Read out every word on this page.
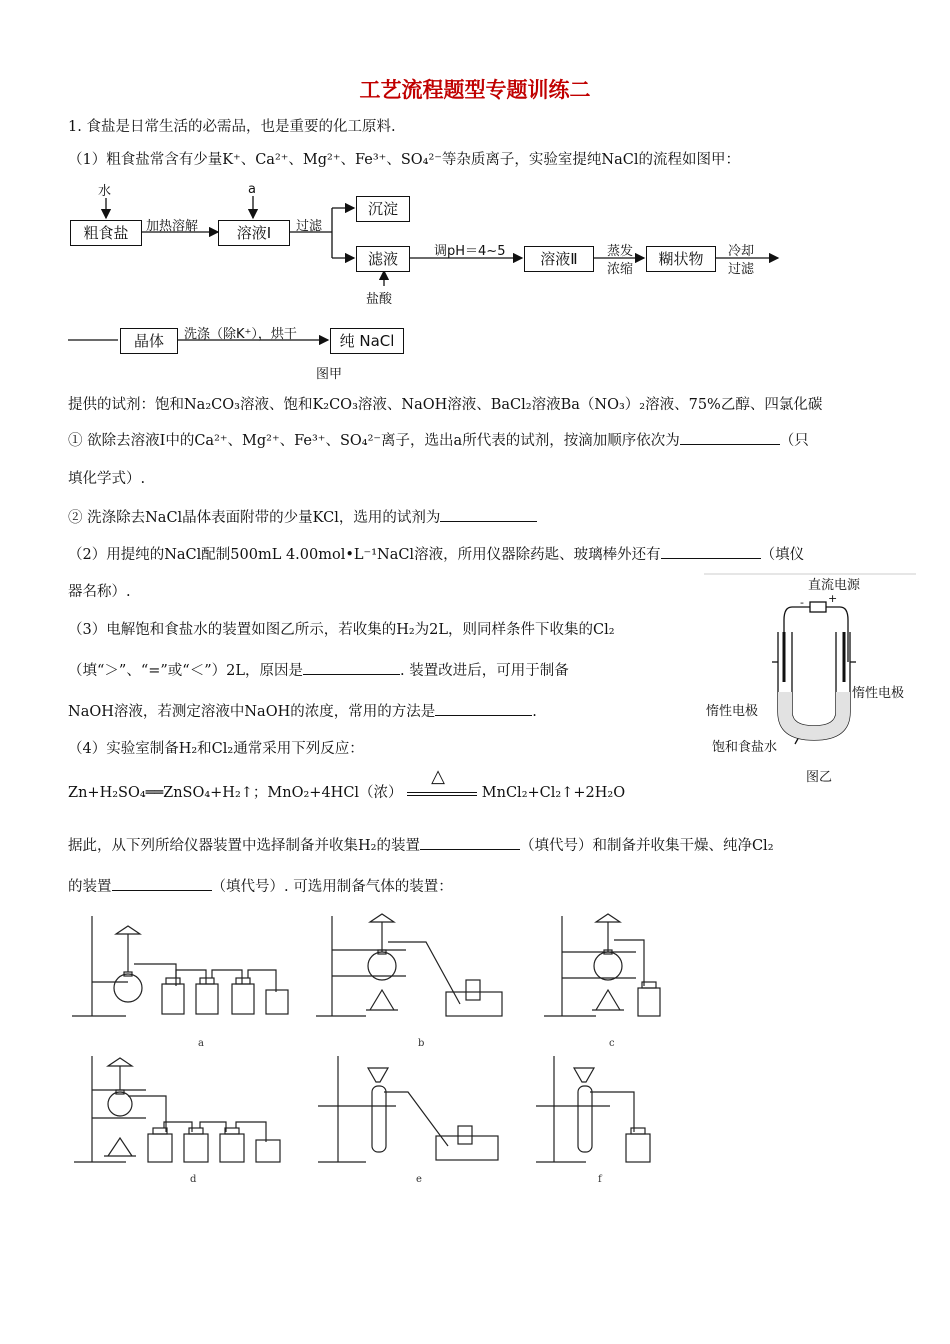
工艺流程题型专题训练二
1. 食盐是日常生活的必需品，也是重要的化工原料.
（1）粗食盐常含有少量K⁺、Ca²⁺、Mg²⁺、Fe³⁺、SO₄²⁻等杂质离子，实验室提纯NaCl的流程如图甲：
水	a
粗食盐	加热溶解	溶液Ⅰ	过滤
沉淀
滤液	调pH＝4~5	溶液Ⅱ	蒸发
浓缩
糊状物	冷却
过滤
盐酸
晶体	洗涤（除K⁺），烘干	纯 NaCl
图甲
提供的试剂：饱和Na₂CO₃溶液、饱和K₂CO₃溶液、NaOH溶液、BaCl₂溶液Ba（NO₃）₂溶液、75%乙醇、四氯化碳
① 欲除去溶液Ⅰ中的Ca²⁺、Mg²⁺、Fe³⁺、SO₄²⁻离子，选出a所代表的试剂，按滴加顺序依次为	（只
填化学式）.
② 洗涤除去NaCl晶体表面附带的少量KCl，选用的试剂为
（2）用提纯的NaCl配制500mL 4.00mol•L⁻¹NaCl溶液，所用仪器除药匙、玻璃棒外还有	（填仪
器名称）.
（3）电解饱和食盐水的装置如图乙所示，若收集的H₂为2L，则同样条件下收集的Cl₂
（填“＞”、“=”或“＜”）2L，原因是	. 装置改进后，可用于制备
NaOH溶液，若测定溶液中NaOH的浓度，常用的方法是	.
（4）实验室制备H₂和Cl₂通常采用下列反应：
Zn+H₂SO₄══ZnSO₄+H₂↑；MnO₂+4HCl（浓）
△
MnCl₂+Cl₂↑+2H₂O
据此，从下列所给仪器装置中选择制备并收集H₂的装置	（填代号）和制备并收集干燥、纯净Cl₂
的装置	（填代号）. 可选用制备气体的装置：
直流电源
- +
惰性电极
惰性电极
饱和食盐水
图乙
a	b	c
d	e	f
